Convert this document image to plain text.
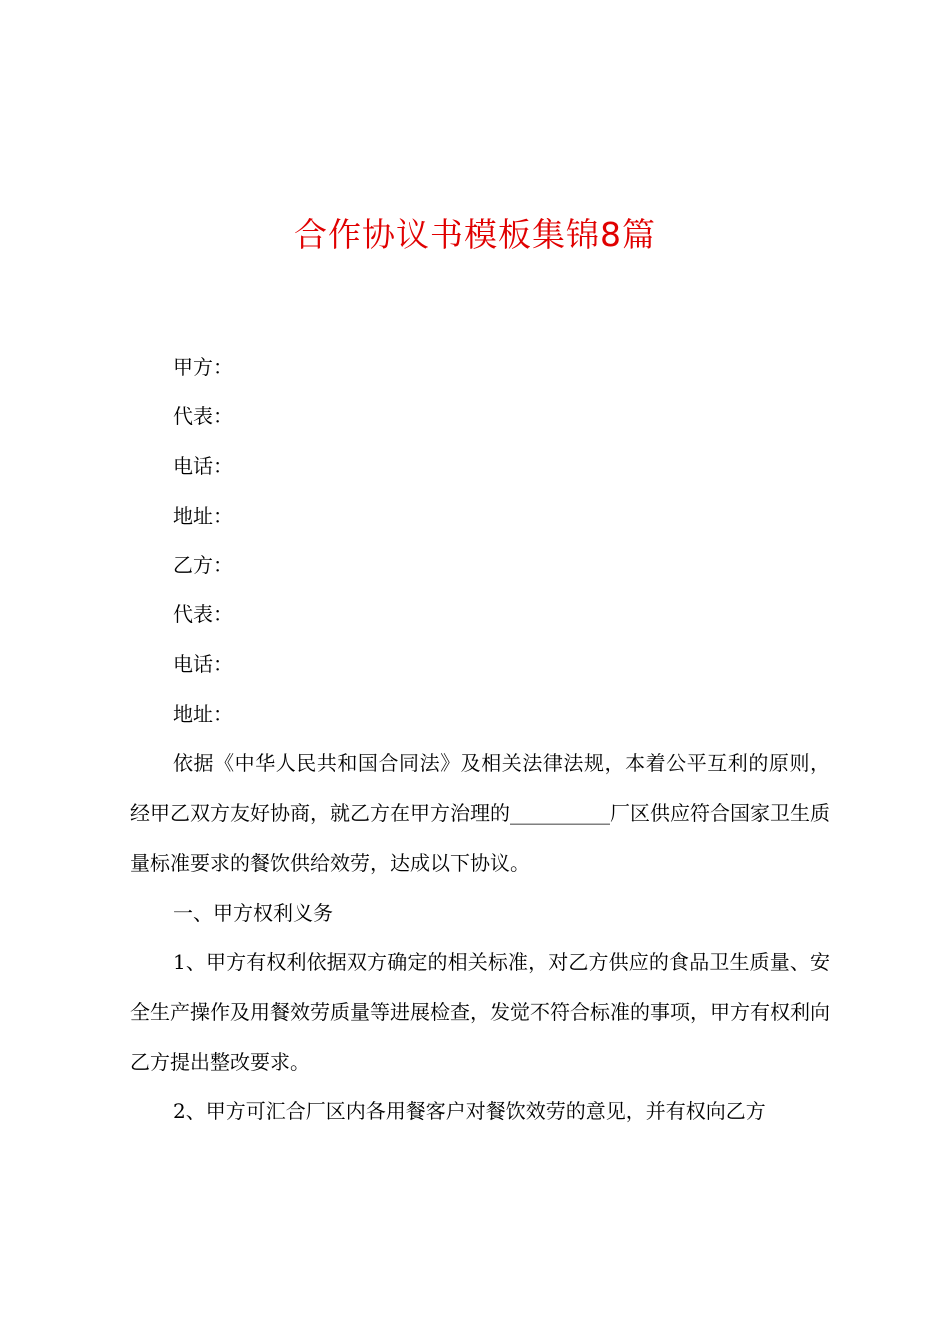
合作协议书模板集锦8篇

甲方：

代表：

电话：

地址：

乙方：

代表：

电话：

地址：

依据《中华人民共和国合同法》及相关法律法规，本着公平互利的原则，经甲乙双方友好协商，就乙方在甲方治理的__________厂区供应符合国家卫生质量标准要求的餐饮供给效劳，达成以下协议。

一、甲方权利义务

1、甲方有权利依据双方确定的相关标准，对乙方供应的食品卫生质量、安全生产操作及用餐效劳质量等进展检查，发觉不符合标准的事项，甲方有权利向乙方提出整改要求。

2、甲方可汇合厂区内各用餐客户对餐饮效劳的意见，并有权向乙方
